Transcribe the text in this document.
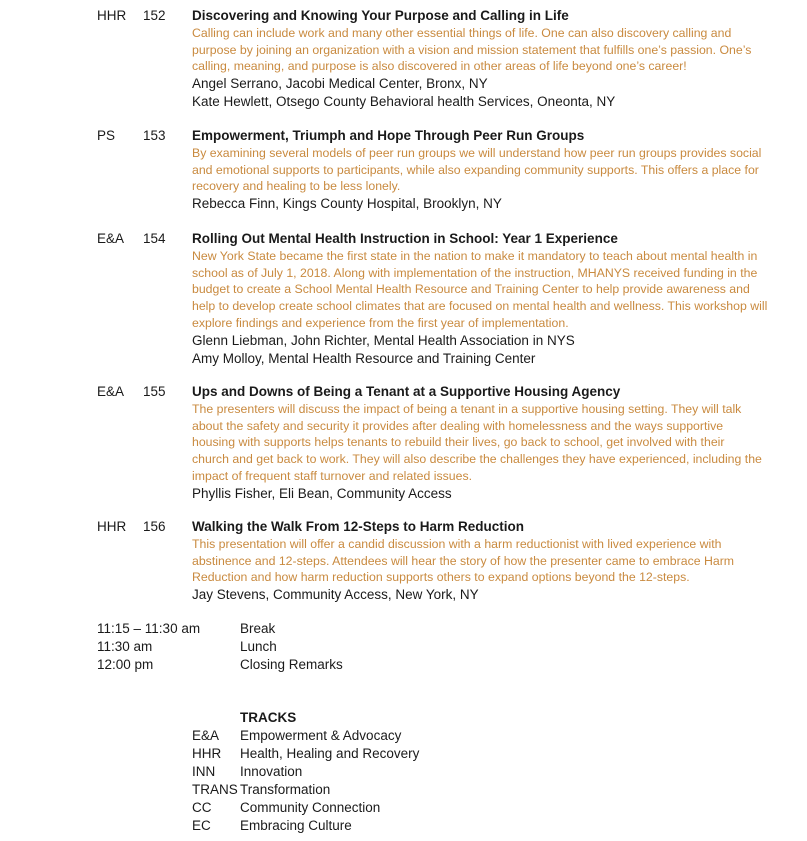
HHR 152 Discovering and Knowing Your Purpose and Calling in Life
Calling can include work and many other essential things of life. One can also discovery calling and
purpose by joining an organization with a vision and mission statement that fulfills one’s passion. One’s
calling, meaning, and purpose is also discovered in other areas of life beyond one’s career!
Angel Serrano, Jacobi Medical Center, Bronx, NY
Kate Hewlett, Otsego County Behavioral health Services, Oneonta, NY
PS 153 Empowerment, Triumph and Hope Through Peer Run Groups
By examining several models of peer run groups we will understand how peer run groups provides social
and emotional supports to participants, while also expanding community supports. This offers a place for
recovery and healing to be less lonely.
Rebecca Finn, Kings County Hospital, Brooklyn, NY
E&A 154 Rolling Out Mental Health Instruction in School: Year 1 Experience
New York State became the first state in the nation to make it mandatory to teach about mental health in
school as of July 1, 2018. Along with implementation of the instruction, MHANYS received funding in the
budget to create a School Mental Health Resource and Training Center to help provide awareness and
help to develop create school climates that are focused on mental health and wellness. This workshop will
explore findings and experience from the first year of implementation.
Glenn Liebman, John Richter, Mental Health Association in NYS
Amy Molloy, Mental Health Resource and Training Center
E&A 155 Ups and Downs of Being a Tenant at a Supportive Housing Agency
The presenters will discuss the impact of being a tenant in a supportive housing setting. They will talk
about the safety and security it provides after dealing with homelessness and the ways supportive
housing with supports helps tenants to rebuild their lives, go back to school, get involved with their
church and get back to work. They will also describe the challenges they have experienced, including the
impact of frequent staff turnover and related issues.
Phyllis Fisher, Eli Bean, Community Access
HHR 156 Walking the Walk From 12-Steps to Harm Reduction
This presentation will offer a candid discussion with a harm reductionist with lived experience with
abstinence and 12-steps. Attendees will hear the story of how the presenter came to embrace Harm
Reduction and how harm reduction supports others to expand options beyond the 12-steps.
Jay Stevens, Community Access, New York, NY
11:15 – 11:30 am	Break
11:30 am	Lunch
12:00 pm	Closing Remarks
TRACKS
E&A Empowerment & Advocacy
HHR Health, Healing and Recovery
INN Innovation
TRANS Transformation
CC Community Connection
EC Embracing Culture
